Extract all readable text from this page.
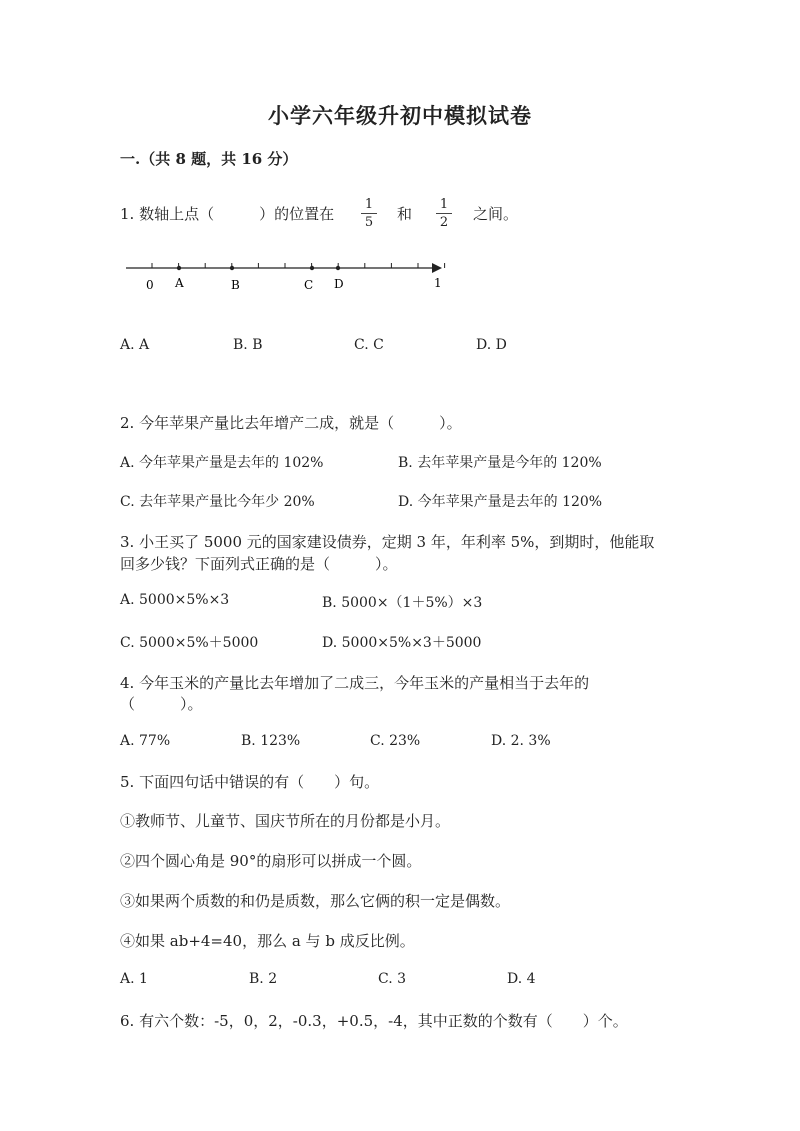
小学六年级升初中模拟试卷
一.（共 8 题，共 16 分）
1. 数轴上点（　　　）的位置在
1
5 和
1
2 之间。
0 A	B	C D	1
A. A	B. B	C. C	D. D
2. 今年苹果产量比去年增产二成，就是（　　　）。
A. 今年苹果产量是去年的 102%	B. 去年苹果产量是今年的 120%
C. 去年苹果产量比今年少 20%	D. 今年苹果产量是去年的 120%
3. 小王买了 5000 元的国家建设债券，定期 3 年，年利率 5%，到期时，他能取
回多少钱？下面列式正确的是（　　　）。
A. 5000×5%×3	B. 5000×（1＋5%）×3
C. 5000×5%＋5000	D. 5000×5%×3＋5000
4. 今年玉米的产量比去年增加了二成三，今年玉米的产量相当于去年的
（　　　）。
A. 77%	B. 123%	C. 23%	D. 2. 3%
5. 下面四句话中错误的有（　　）句。
①教师节、儿童节、国庆节所在的月份都是小月。
②四个圆心角是 90°的扇形可以拼成一个圆。
③如果两个质数的和仍是质数，那么它俩的积一定是偶数。
④如果 ab+4=40，那么 a 与 b 成反比例。
A. 1	B. 2	C. 3	D. 4
6. 有六个数：-5，0，2，-0.3，+0.5，-4，其中正数的个数有（　　）个。
